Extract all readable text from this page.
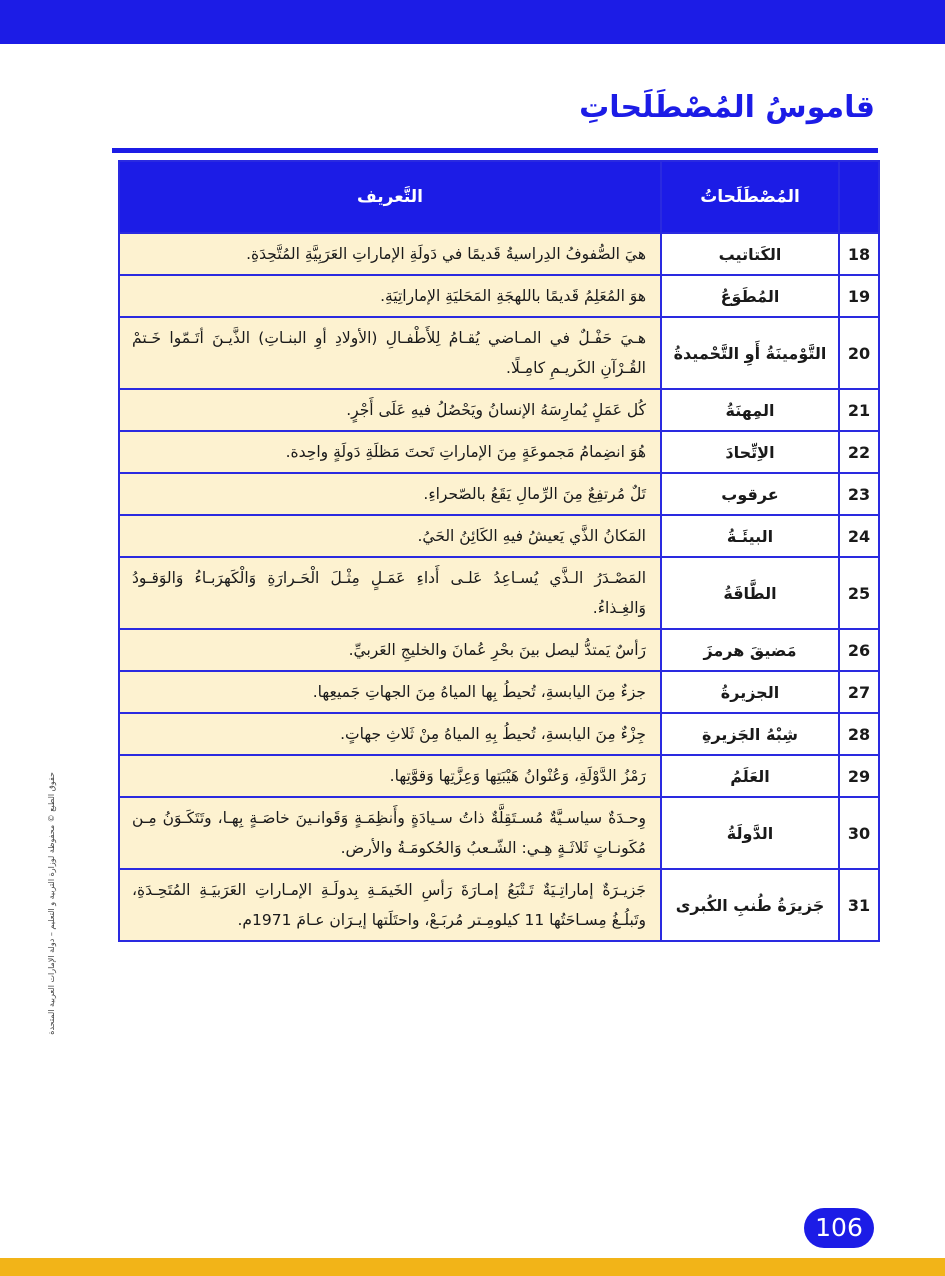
قاموسُ المُصْطَلَحاتِ
	المُصْطَلَحاتُ	التَّعريف
18	الكَتاتيب	هيَ الصُّفوفُ الدِراسيةُ قَديمًا في دَولَةِ الإماراتِ العَرَبِيَّةِ المُتَّحِدَةِ.
19	المُطَوَعُ	هوَ المُعَلِمُ قَديمًا باللهجَةِ المَحَليَةِ الإماراتِيَةِ.
20	التَّوْمينَةُ أَوِ التَّحْميدةُ	هـيَ حَفْـلٌ في المـاضي يُقـامُ لِلأَطْفـالِ (الأولادِ أوِ البنـاتِ) الذَّيـنَ أتَـمّوا خَـتمْ القُـرْآنِ الكَريـمِ كامِـلًا.
21	المِهنَةُ	كُل عَمَلٍ يُمارِسَهُ الإنسانُ ويَحْصُلُ فيهِ عَلَى أَجْرٍ.
22	الاِتِّحادَ	هُوَ انضِمامُ مَجموعَةٍ مِنَ الإماراتِ تَحتَ مَظلَةِ دَولَةٍ واحِدة.
23	عرقوب	تَلٌ مُرتفِعٌ مِنَ الرِّمالِ يَقَعُ بالصّحراءِ.
24	البيئَـةُ	المَكانُ الذَّي يَعيشُ فيهِ الكَائِنُ الحَيُ.
25	الطَّاقَةُ	المَصْـدَرُ الـذَّي يُسـاعِدُ عَلـى أَداءِ عَمَـلٍ مِثْـلَ الْحَـرارَةِ وَالْكَهرَبـاءُ وَالوَقـودُ وَالغِـذاءُ.
26	مَضيقَ هرمزَ	رَأسٌ يَمتدُّ ليصل بينَ بحْرِ عُمانَ والخليجِ العَربيِّ.
27	الجزيرةُ	جزءٌ مِنَ اليابسةِ، تُحيطُ بِها المياهُ مِنَ الجهاتِ جَميعِها.
28	شِبْهُ الجَزيرةِ	جِزْءٌ مِنَ اليابسةِ، تُحيطُ بِهِ المياهُ مِنْ ثَلاثِ جهاتٍ.
29	العَلَمُ	رَمْزُ الدَّوْلَةِ، وَعُنْوانُ هَيْبَتِها وَعِزَّتِها وَقوَّتِها.
30	الدَّولَةُ	وِحـدَةٌ سياسـيَّةٌ مُسـتَقِلَّةٌ ذاتُ سـيادَةٍ وأَنظِمَـةٍ وَقَوانـينَ خاصَـةٍ بِهـا، وتَتَكَـوَنُ مِـن مُكَونـاتٍ ثَلاثَـةٍ هِـي: الشّـعبُ وَالحُكومَـةُ والأرض.
31	جَزيرَةُ طُنبِ الكُبرى	جَزيـرَةٌ إماراتِـيَةٌ تَـتْبَعُ إمـارَةَ رَأسِ الخَيمَـةِ بِدولَـةِ الإمـاراتِ العَرَبيَـةِ المُتَحِـدَةِ، وتَبلُـغُ مِسـاحَتُها 11 كيلومِـتر مُربَـعْ، واحتَلَتها إيـرَان عـامَ 1971م.
حقوق الطبع © محفوظة لوزارة التربية و التعليم – دولة الإمارات العربية المتحدة
106
